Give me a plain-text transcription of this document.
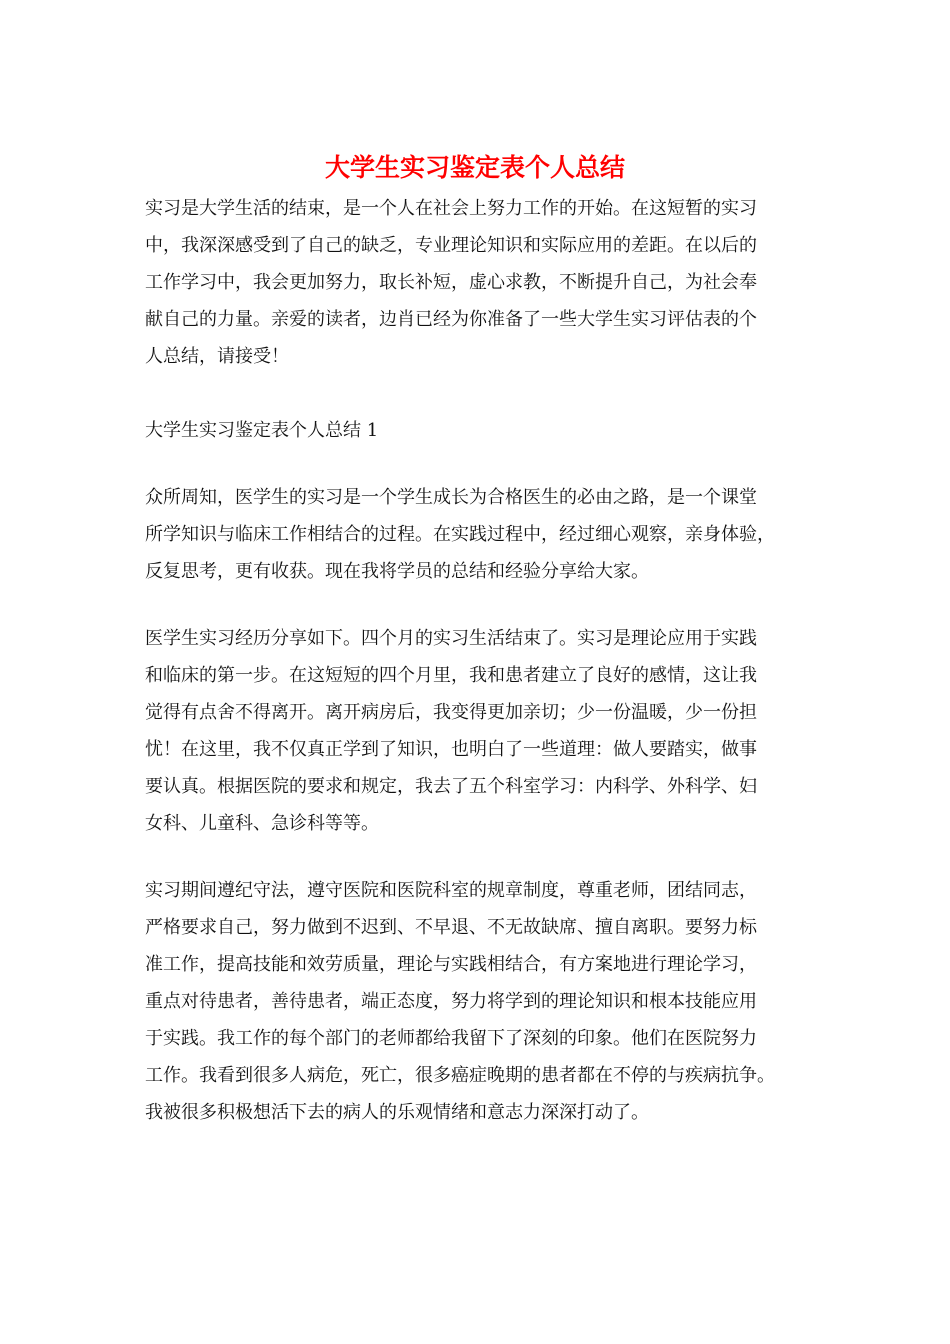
大学生实习鉴定表个人总结
实习是大学生活的结束，是一个人在社会上努力工作的开始。在这短暂的实习
中，我深深感受到了自己的缺乏，专业理论知识和实际应用的差距。在以后的
工作学习中，我会更加努力，取长补短，虚心求教，不断提升自己，为社会奉
献自己的力量。亲爱的读者，边肖已经为你准备了一些大学生实习评估表的个
人总结，请接受！
大学生实习鉴定表个人总结 1
众所周知，医学生的实习是一个学生成长为合格医生的必由之路，是一个课堂
所学知识与临床工作相结合的过程。在实践过程中，经过细心观察，亲身体验，
反复思考，更有收获。现在我将学员的总结和经验分享给大家。
医学生实习经历分享如下。四个月的实习生活结束了。实习是理论应用于实践
和临床的第一步。在这短短的四个月里，我和患者建立了良好的感情，这让我
觉得有点舍不得离开。离开病房后，我变得更加亲切；少一份温暖，少一份担
忧！在这里，我不仅真正学到了知识，也明白了一些道理：做人要踏实，做事
要认真。根据医院的要求和规定，我去了五个科室学习：内科学、外科学、妇
女科、儿童科、急诊科等等。
实习期间遵纪守法，遵守医院和医院科室的规章制度，尊重老师，团结同志，
严格要求自己，努力做到不迟到、不早退、不无故缺席、擅自离职。要努力标
准工作，提高技能和效劳质量，理论与实践相结合，有方案地进行理论学习，
重点对待患者，善待患者，端正态度，努力将学到的理论知识和根本技能应用
于实践。我工作的每个部门的老师都给我留下了深刻的印象。他们在医院努力
工作。我看到很多人病危，死亡，很多癌症晚期的患者都在不停的与疾病抗争。
我被很多积极想活下去的病人的乐观情绪和意志力深深打动了。
